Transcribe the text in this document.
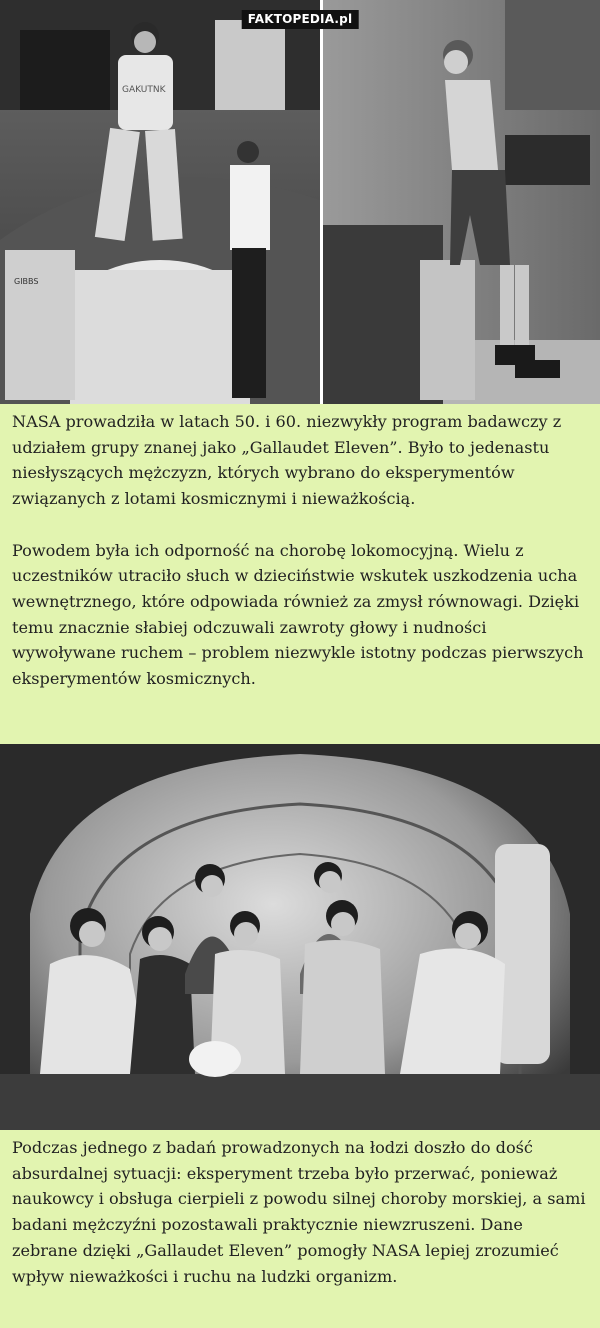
GAKUTNK
GIBBS
FAKTOPEDIA.pl
NASA prowadziła w latach 50. i 60. niezwykły program badawczy z udziałem grupy znanej jako „Gallaudet Eleven”. Było to jedenastu niesłyszących mężczyzn, których wybrano do eksperymentów związanych z lotami kosmicznymi i nieważkością.
Powodem była ich odporność na chorobę lokomocyjną. Wielu z uczestników utraciło słuch w dzieciństwie wskutek uszkodzenia ucha wewnętrznego, które odpowiada również za zmysł równowagi. Dzięki temu znacznie słabiej odczuwali zawroty głowy i nudności wywoływane ruchem – problem niezwykle istotny podczas pierwszych eksperymentów kosmicznych.
Podczas jednego z badań prowadzonych na łodzi doszło do dość absurdalnej sytuacji: eksperyment trzeba było przerwać, ponieważ naukowcy i obsługa cierpieli z powodu silnej choroby morskiej, a sami badani mężczyźni pozostawali praktycznie niewzruszeni. Dane zebrane dzięki „Gallaudet Eleven” pomogły NASA lepiej zrozumieć wpływ nieważkości i ruchu na ludzki organizm.
